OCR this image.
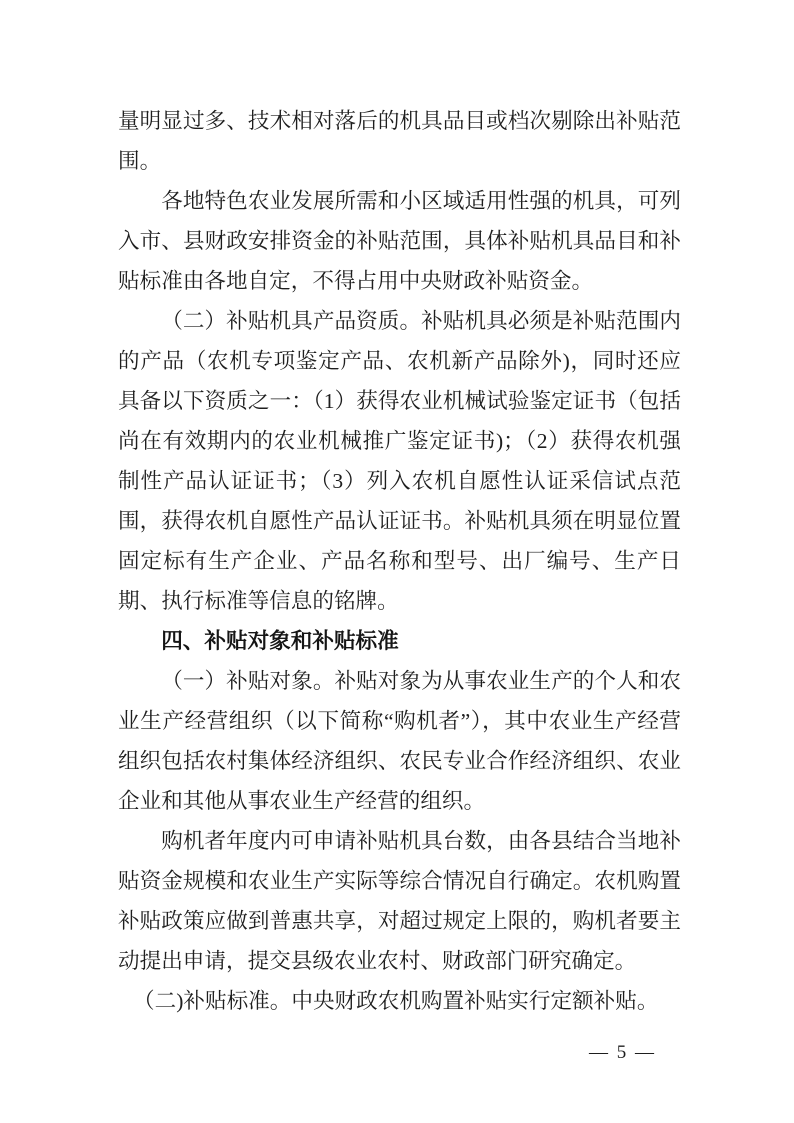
量明显过多、技术相对落后的机具品目或档次剔除出补贴范围。

各地特色农业发展所需和小区域适用性强的机具，可列入市、县财政安排资金的补贴范围，具体补贴机具品目和补贴标准由各地自定，不得占用中央财政补贴资金。

（二）补贴机具产品资质。补贴机具必须是补贴范围内的产品（农机专项鉴定产品、农机新产品除外)，同时还应具备以下资质之一：（1）获得农业机械试验鉴定证书（包括尚在有效期内的农业机械推广鉴定证书)；（2）获得农机强制性产品认证证书；（3）列入农机自愿性认证采信试点范围，获得农机自愿性产品认证证书。补贴机具须在明显位置固定标有生产企业、产品名称和型号、出厂编号、生产日期、执行标准等信息的铭牌。

四、补贴对象和补贴标准

（一）补贴对象。补贴对象为从事农业生产的个人和农业生产经营组织（以下简称“购机者”），其中农业生产经营组织包括农村集体经济组织、农民专业合作经济组织、农业企业和其他从事农业生产经营的组织。

购机者年度内可申请补贴机具台数，由各县结合当地补贴资金规模和农业生产实际等综合情况自行确定。农机购置补贴政策应做到普惠共享，对超过规定上限的，购机者要主动提出申请，提交县级农业农村、财政部门研究确定。

（二)补贴标准。中央财政农机购置补贴实行定额补贴。

— 5 —
